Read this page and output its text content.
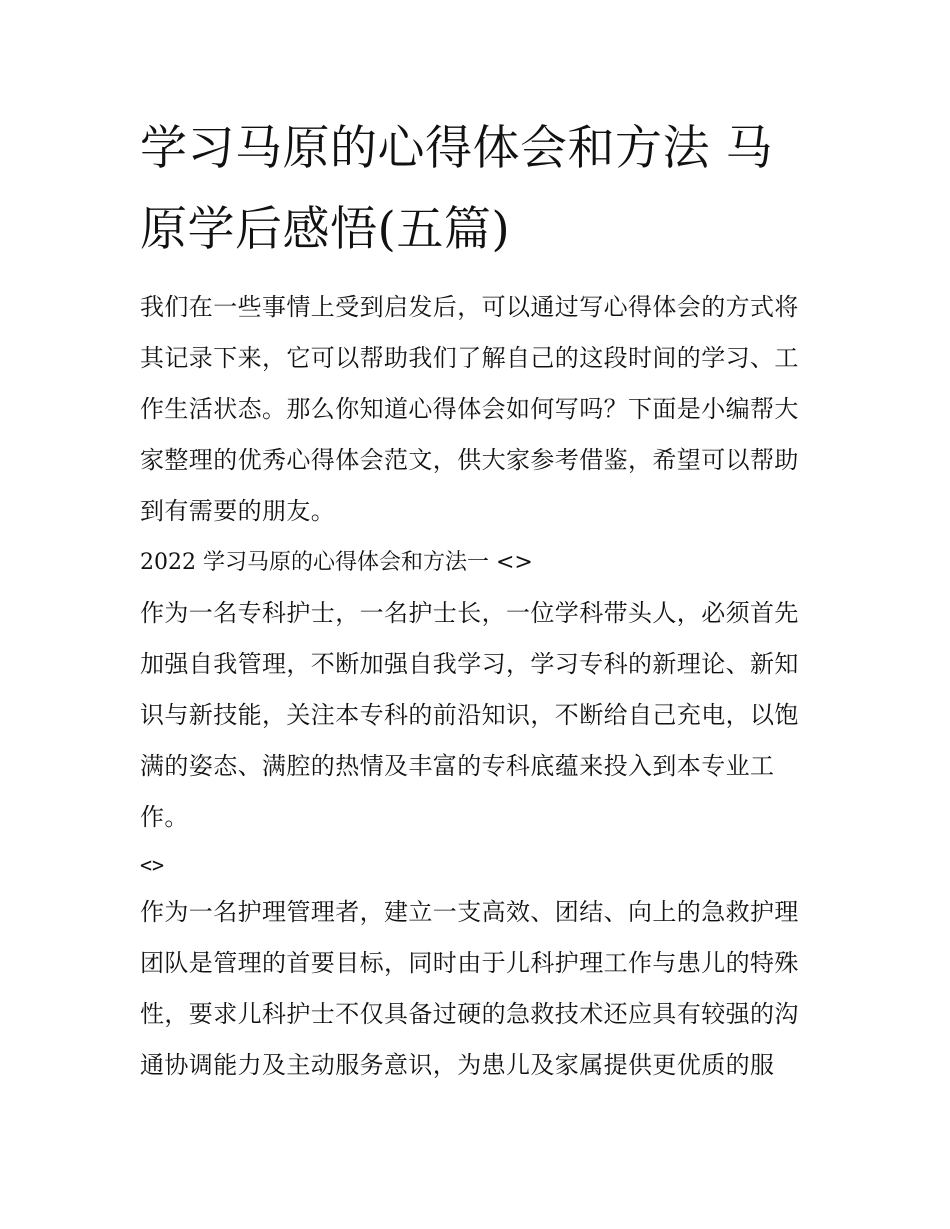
学习马原的心得体会和方法 马原学后感悟(五篇)

我们在一些事情上受到启发后，可以通过写心得体会的方式将其记录下来，它可以帮助我们了解自己的这段时间的学习、工作生活状态。那么你知道心得体会如何写吗？下面是小编帮大家整理的优秀心得体会范文，供大家参考借鉴，希望可以帮助到有需要的朋友。

2022 学习马原的心得体会和方法一 <>

作为一名专科护士，一名护士长，一位学科带头人，必须首先加强自我管理，不断加强自我学习，学习专科的新理论、新知识与新技能，关注本专科的前沿知识，不断给自己充电，以饱满的姿态、满腔的热情及丰富的专科底蕴来投入到本专业工作。

<>

作为一名护理管理者，建立一支高效、团结、向上的急救护理团队是管理的首要目标，同时由于儿科护理工作与患儿的特殊性，要求儿科护士不仅具备过硬的急救技术还应具有较强的沟通协调能力及主动服务意识，为患儿及家属提供更优质的服
